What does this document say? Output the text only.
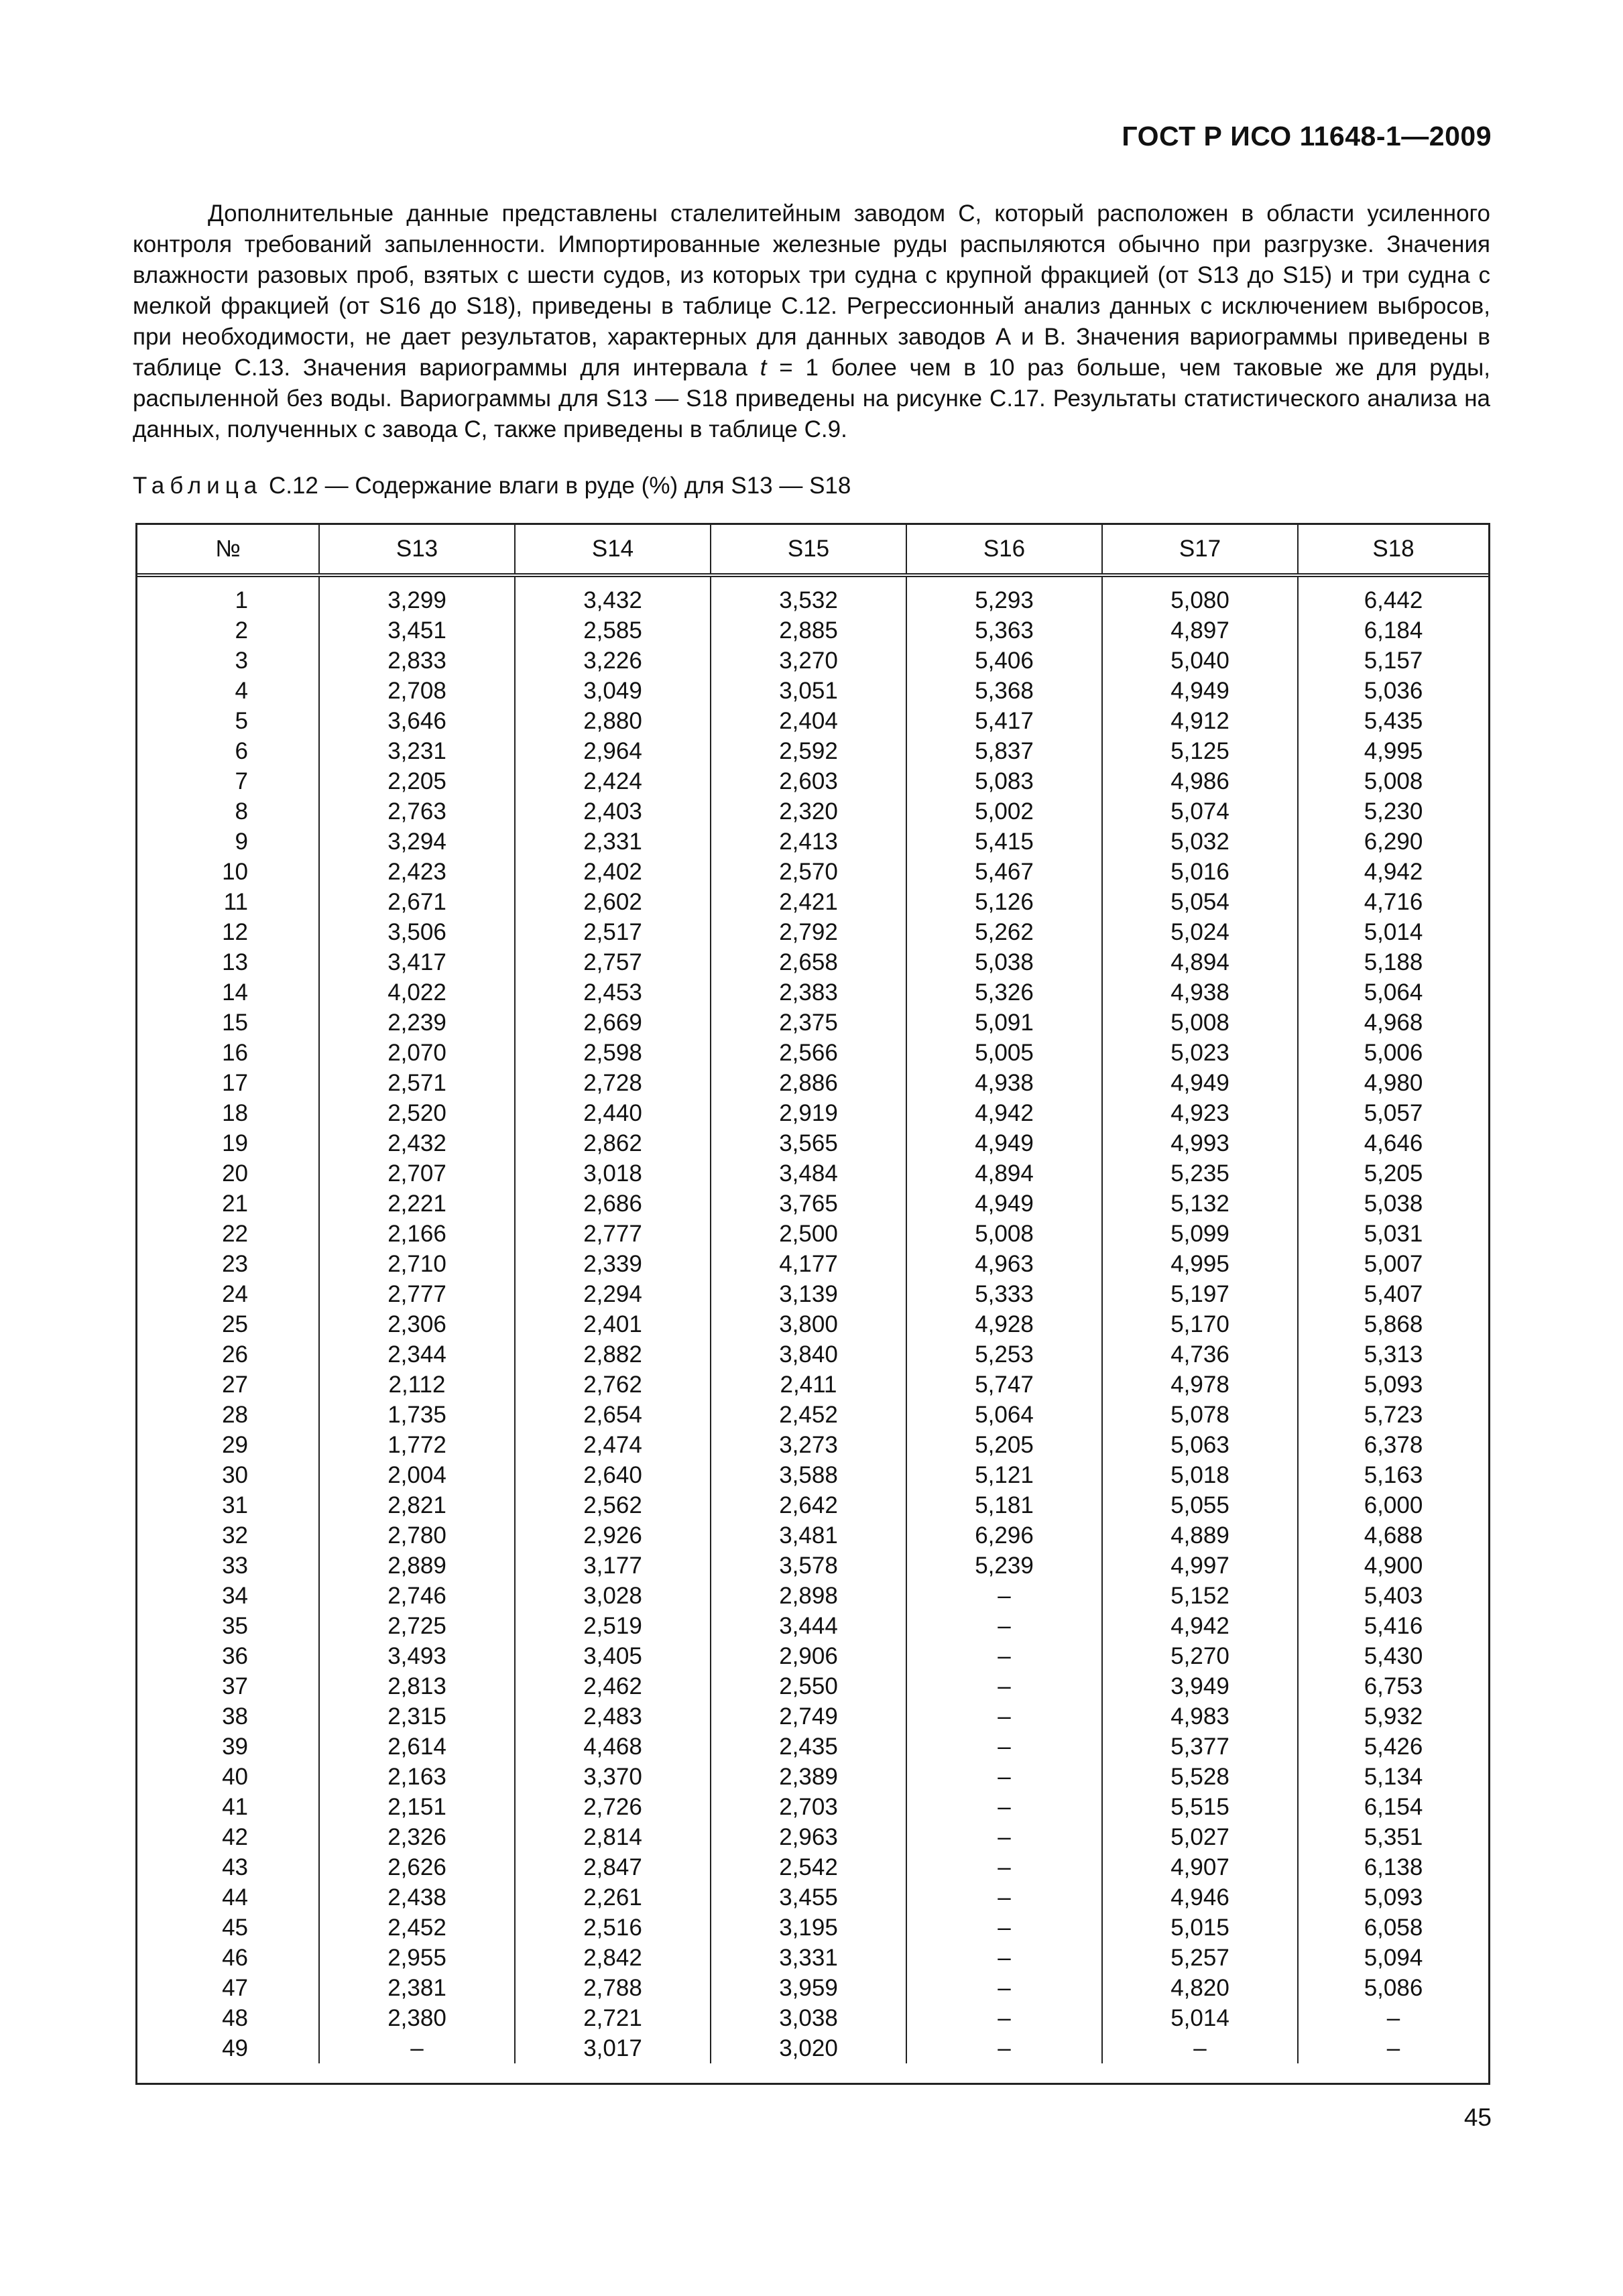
ГОСТ Р ИСО 11648-1—2009

Дополнительные данные представлены сталелитейным заводом С, который расположен в области усиленного контроля требований запыленности. Импортированные железные руды распыляются обычно при разгрузке. Значения влажности разовых проб, взятых с шести судов, из которых три судна с крупной фракцией (от S13 до S15) и три судна с мелкой фракцией (от S16 до S18), приведены в таблице С.12. Регрессионный анализ данных с исключением выбросов, при необходимости, не дает результатов, характерных для данных заводов А и В. Значения вариограммы приведены в таблице С.13. Значения вариограммы для интервала t = 1 более чем в 10 раз больше, чем таковые же для руды, распыленной без воды. Вариограммы для S13 — S18 приведены на рисунке С.17. Результаты статистического анализа на данных, полученных с завода С, также приведены в таблице С.9.

Таблица С.12 — Содержание влаги в руде (%) для S13 — S18
№	S13	S14	S15	S16	S17	S18
1	3,299	3,432	3,532	5,293	5,080	6,442
2	3,451	2,585	2,885	5,363	4,897	6,184
3	2,833	3,226	3,270	5,406	5,040	5,157
4	2,708	3,049	3,051	5,368	4,949	5,036
5	3,646	2,880	2,404	5,417	4,912	5,435
6	3,231	2,964	2,592	5,837	5,125	4,995
7	2,205	2,424	2,603	5,083	4,986	5,008
8	2,763	2,403	2,320	5,002	5,074	5,230
9	3,294	2,331	2,413	5,415	5,032	6,290
10	2,423	2,402	2,570	5,467	5,016	4,942
11	2,671	2,602	2,421	5,126	5,054	4,716
12	3,506	2,517	2,792	5,262	5,024	5,014
13	3,417	2,757	2,658	5,038	4,894	5,188
14	4,022	2,453	2,383	5,326	4,938	5,064
15	2,239	2,669	2,375	5,091	5,008	4,968
16	2,070	2,598	2,566	5,005	5,023	5,006
17	2,571	2,728	2,886	4,938	4,949	4,980
18	2,520	2,440	2,919	4,942	4,923	5,057
19	2,432	2,862	3,565	4,949	4,993	4,646
20	2,707	3,018	3,484	4,894	5,235	5,205
21	2,221	2,686	3,765	4,949	5,132	5,038
22	2,166	2,777	2,500	5,008	5,099	5,031
23	2,710	2,339	4,177	4,963	4,995	5,007
24	2,777	2,294	3,139	5,333	5,197	5,407
25	2,306	2,401	3,800	4,928	5,170	5,868
26	2,344	2,882	3,840	5,253	4,736	5,313
27	2,112	2,762	2,411	5,747	4,978	5,093
28	1,735	2,654	2,452	5,064	5,078	5,723
29	1,772	2,474	3,273	5,205	5,063	6,378
30	2,004	2,640	3,588	5,121	5,018	5,163
31	2,821	2,562	2,642	5,181	5,055	6,000
32	2,780	2,926	3,481	6,296	4,889	4,688
33	2,889	3,177	3,578	5,239	4,997	4,900
34	2,746	3,028	2,898	–	5,152	5,403
35	2,725	2,519	3,444	–	4,942	5,416
36	3,493	3,405	2,906	–	5,270	5,430
37	2,813	2,462	2,550	–	3,949	6,753
38	2,315	2,483	2,749	–	4,983	5,932
39	2,614	4,468	2,435	–	5,377	5,426
40	2,163	3,370	2,389	–	5,528	5,134
41	2,151	2,726	2,703	–	5,515	6,154
42	2,326	2,814	2,963	–	5,027	5,351
43	2,626	2,847	2,542	–	4,907	6,138
44	2,438	2,261	3,455	–	4,946	5,093
45	2,452	2,516	3,195	–	5,015	6,058
46	2,955	2,842	3,331	–	5,257	5,094
47	2,381	2,788	3,959	–	4,820	5,086
48	2,380	2,721	3,038	–	5,014	–
49	–	3,017	3,020	–	–	–
45
